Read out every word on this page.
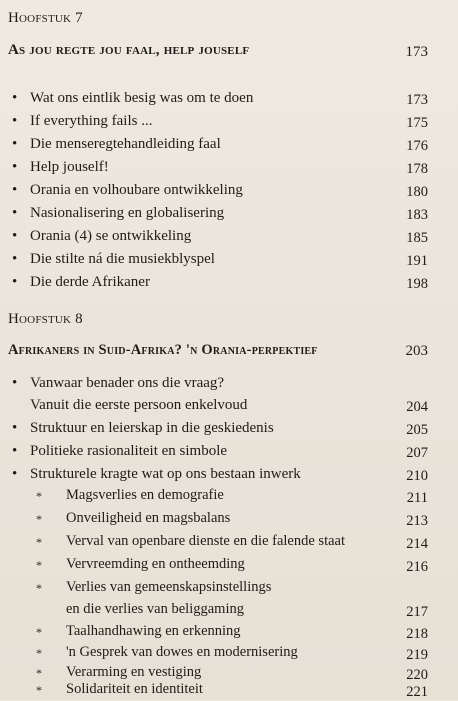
Hoofstuk 7
As jou regte jou faal, help jouself	173
• Wat ons eintlik besig was om te doen	173
• If everything fails ...	175
• Die menseregtehandleiding faal	176
• Help jouself!	178
• Orania en volhoubare ontwikkeling	180
• Nasionalisering en globalisering	183
• Orania (4) se ontwikkeling	185
• Die stilte ná die musiekblyspel	191
• Die derde Afrikaner	198
Hoofstuk 8
Afrikaners in Suid-Afrika? 'n Orania-perpektief	203
• Vanwaar benader ons die vraag?
Vanuit die eerste persoon enkelvoud	204
• Struktuur en leierskap in die geskiedenis	205
• Politieke rasionaliteit en simbole	207
• Strukturele kragte wat op ons bestaan inwerk	210
* Magsverlies en demografie	211
* Onveiligheid en magsbalans	213
* Verval van openbare dienste en die falende staat	214
* Vervreemding en ontheemding	216
* Verlies van gemeenskapsinstellings
en die verlies van beliggaming	217
* Taalhandhawing en erkenning	218
* 'n Gesprek van dowes en modernisering	219
* Verarming en vestiging	220
* Solidariteit en identiteit	221
